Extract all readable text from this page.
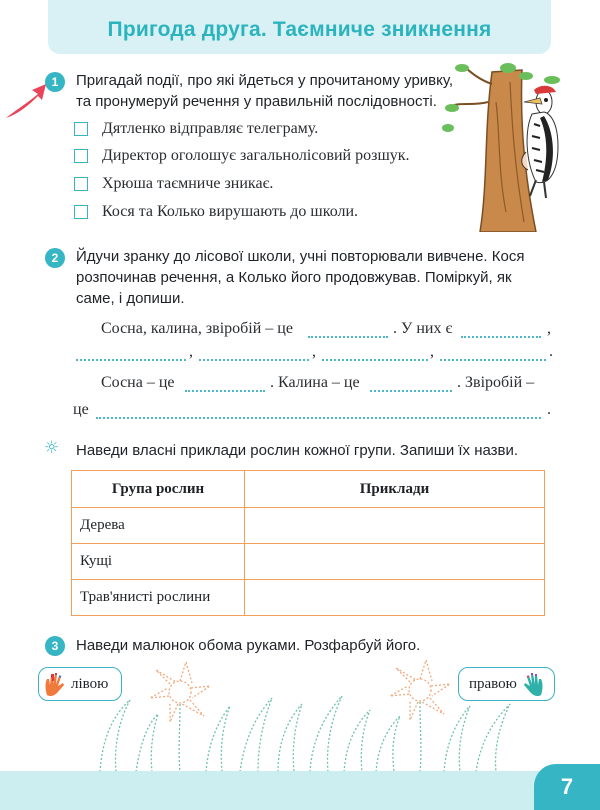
Пригода друга. Таємниче зникнення
1	Пригадай події, про які йдеться у прочитаному уривку,
та пронумеруй речення у правильній послідовності.
Дятленко відправляє телеграму.
Директор оголошує загальнолісовий розшук.
Хрюша таємниче зникає.
Кося та Колько вирушають до школи.
2	Йдучи зранку до лісової школи, учні повторювали вивчене. Кося
розпочинав речення, а Колько його продовжував. Поміркуй, як
саме, і допиши.
Сосна, калина, звіробій – це	. У них є	,
,	,	,	.
Сосна – це	. Калина – це	. Звіробій –
це	.
☼ Наведи власні приклади рослин кожної групи. Запиши їх назви.
Група рослин	Приклади
Дерева	
Кущі	
Трав'янисті рослини	
3	Наведи малюнок обома руками. Розфарбуй його.
лівою	правою
7
